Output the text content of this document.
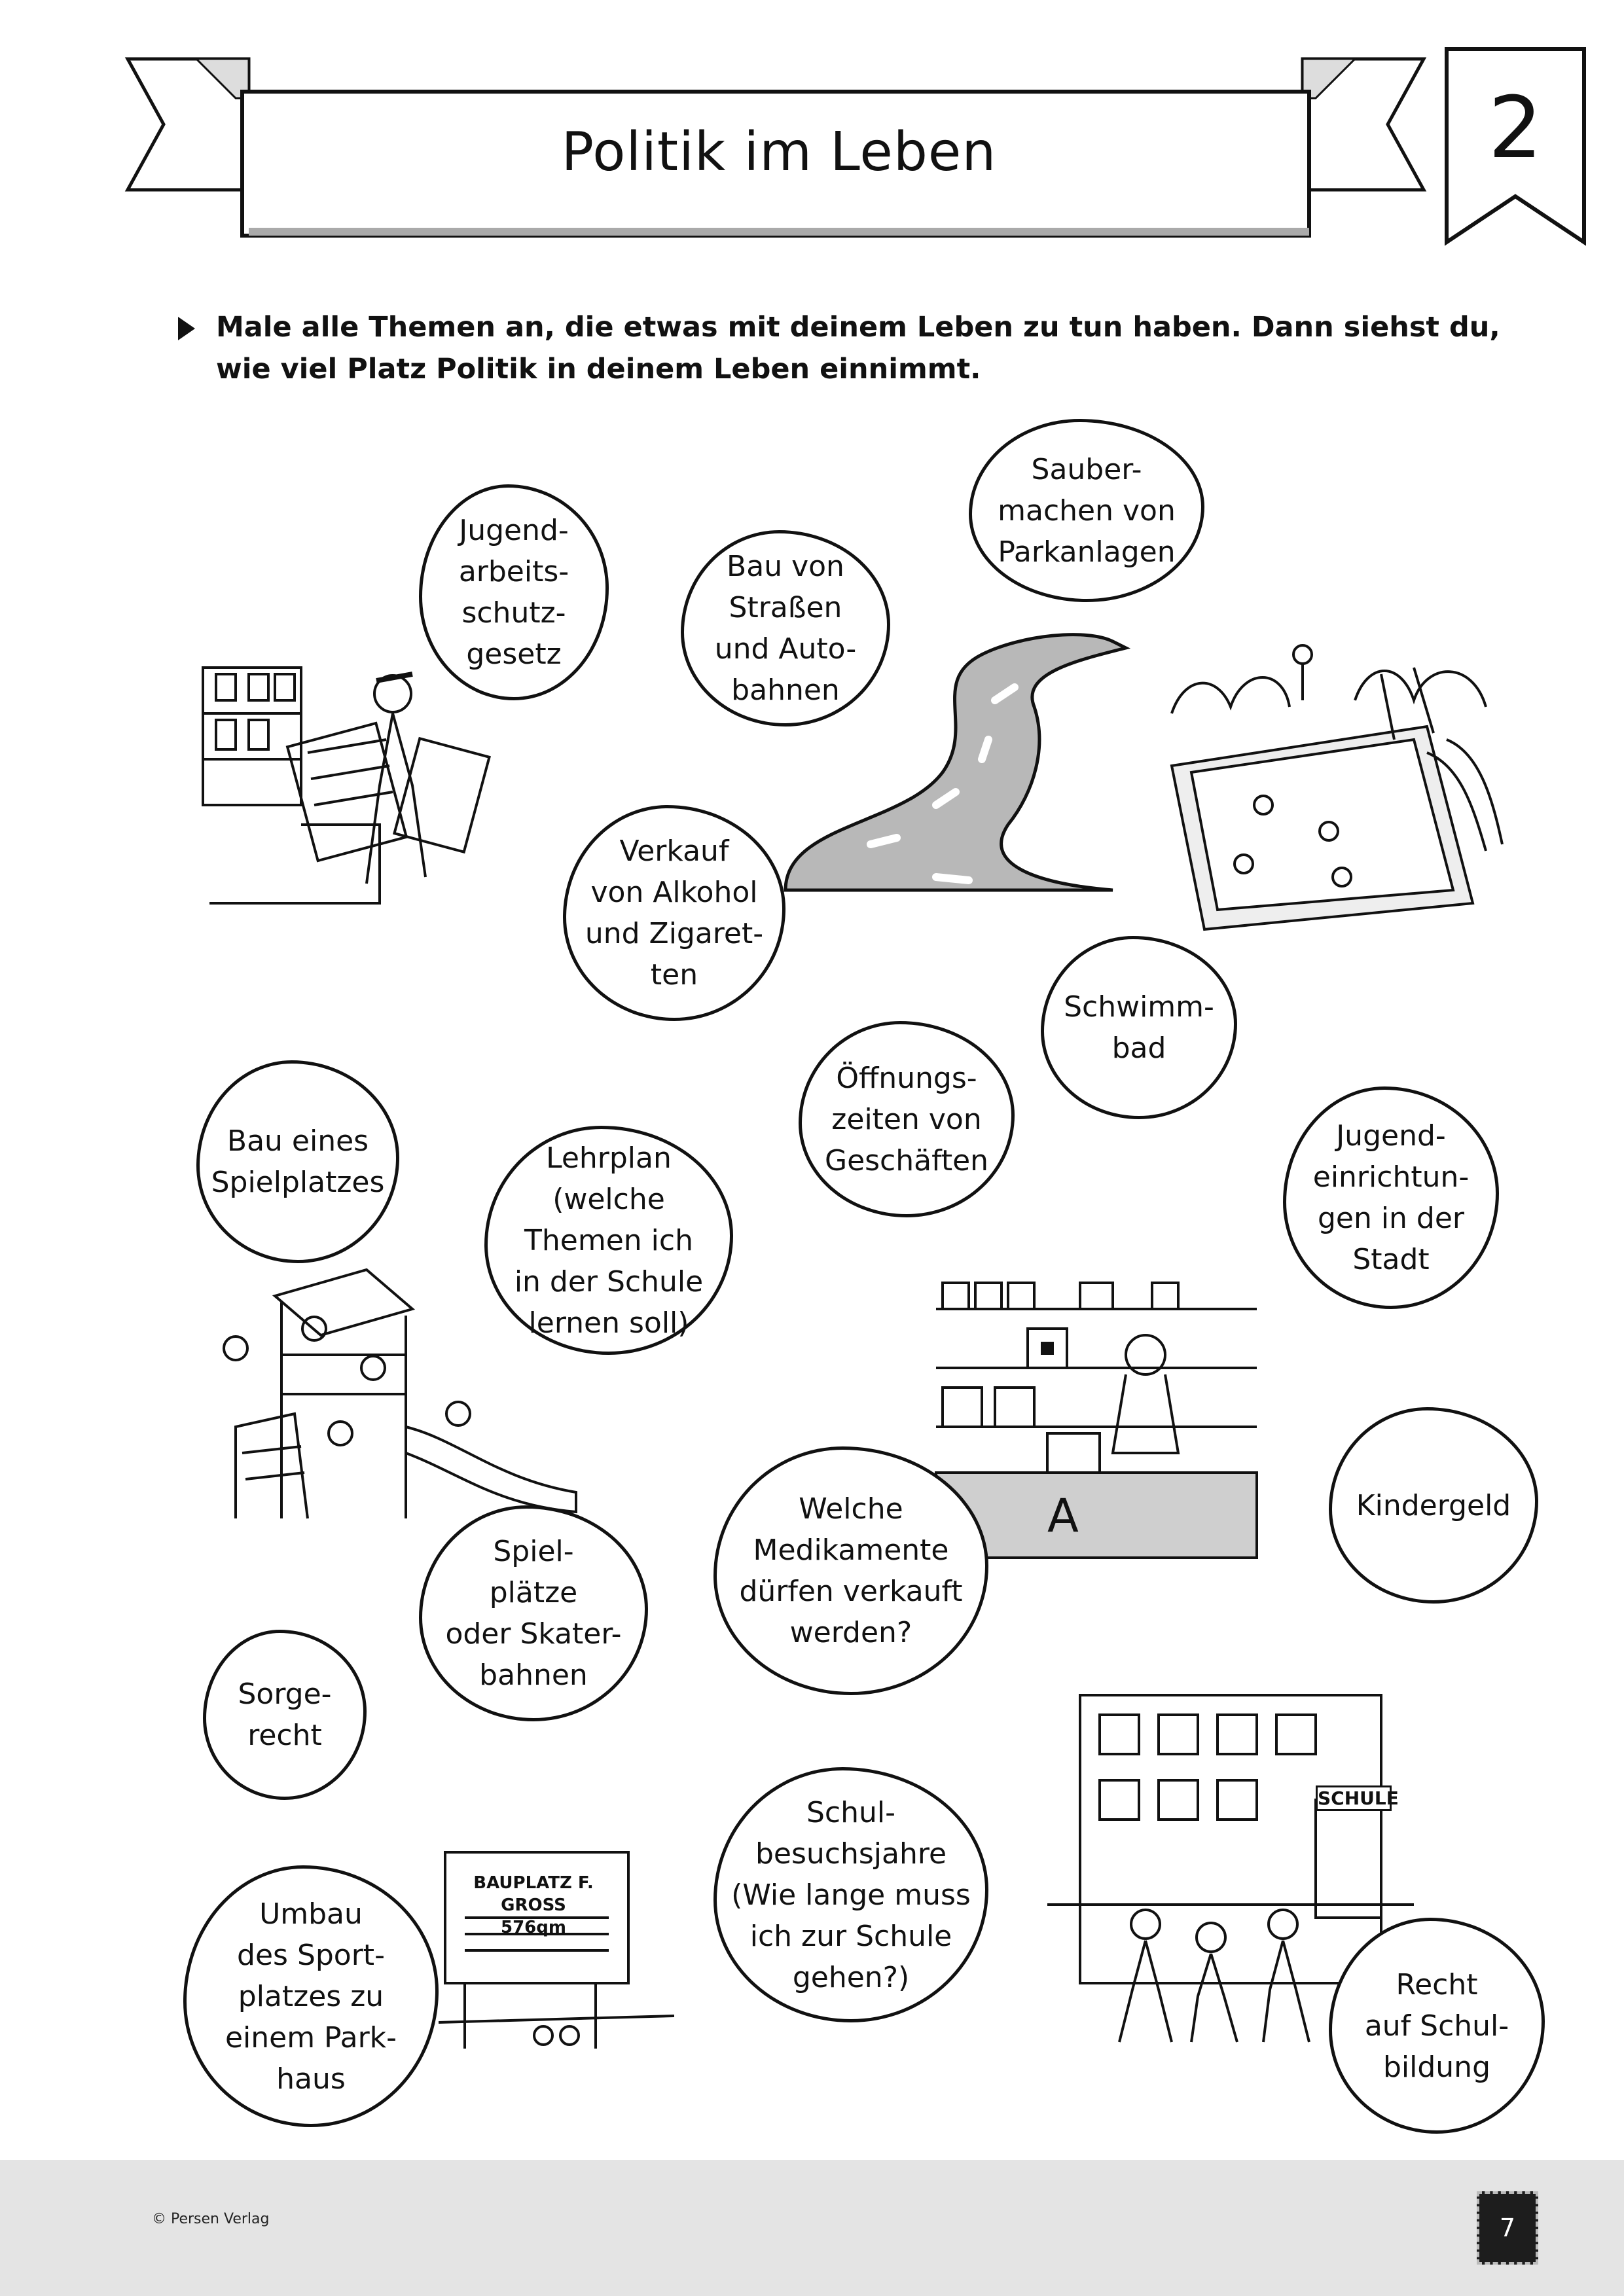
Politik im Leben	2
Male alle Themen an, die etwas mit deinem Leben zu tun haben. Dann siehst du, wie viel Platz Politik in deinem Leben einnimmt.
A
BAUPLATZ F. GROSS
576qm
SCHULE
Jugend-
arbeits-
schutz-
gesetz
Bau von
Straßen
und Auto-
bahnen
Sauber-
machen von
Parkanlagen
Verkauf
von Alkohol
und Zigaret-
ten
Schwimm-
bad
Bau eines
Spielplatzes
Öffnungs-
zeiten von
Geschäften
Lehrplan
(welche
Themen ich
in der Schule
lernen soll)
Jugend-
einrichtun-
gen in der
Stadt
Kindergeld
Welche
Medikamente
dürfen verkauft
werden?
Spiel-
plätze
oder Skater-
bahnen
Sorge-
recht
Schul-
besuchsjahre
(Wie lange muss
ich zur Schule
gehen?)
Umbau
des Sport-
platzes zu
einem Park-
haus
Recht
auf Schul-
bildung
© Persen Verlag	7
